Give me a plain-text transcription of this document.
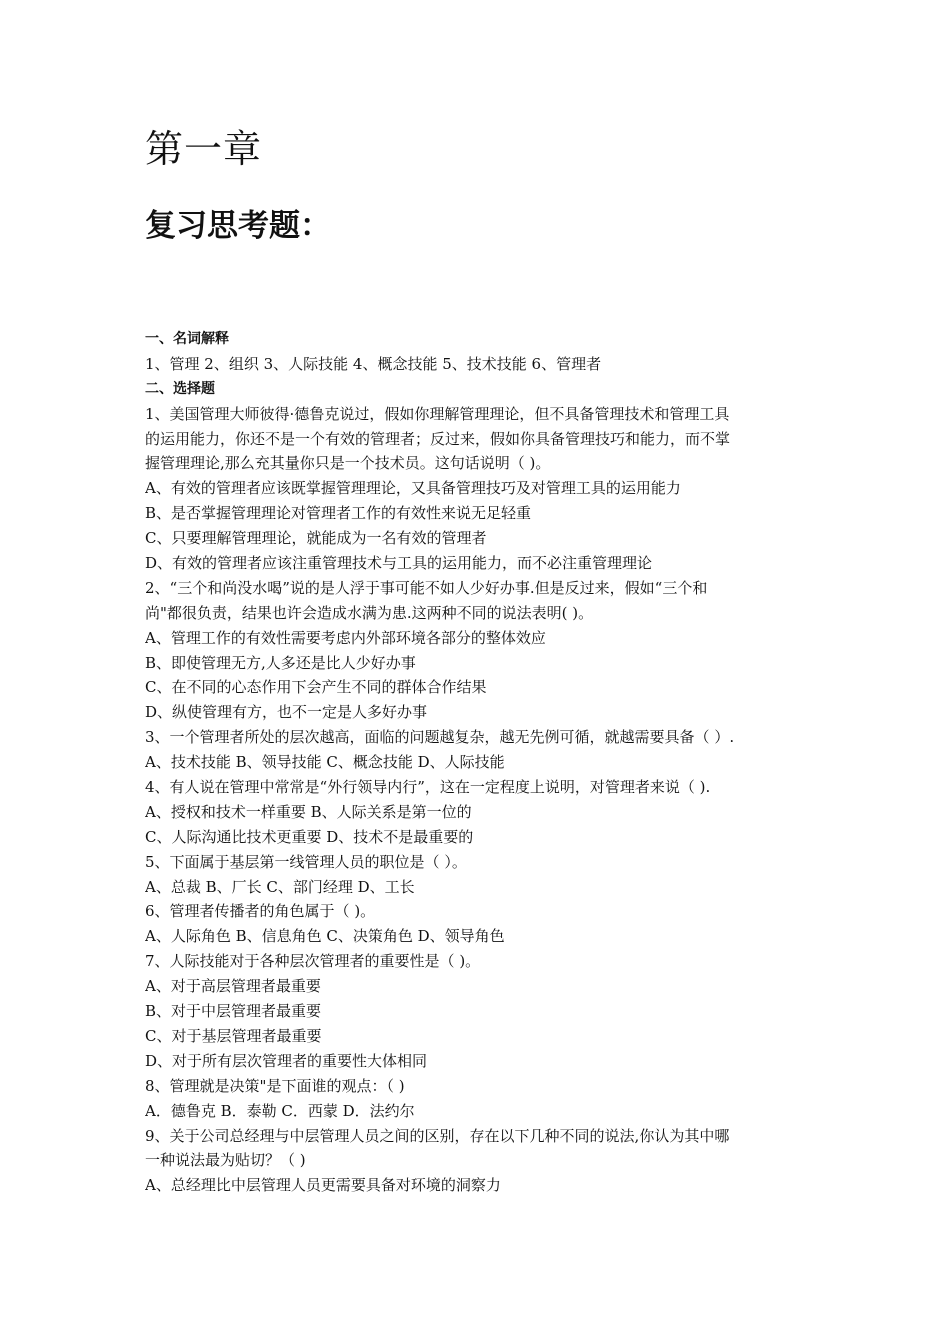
第一章
复习思考题：
一、名词解释
1、管理 2、组织 3、人际技能 4、概念技能 5、技术技能 6、管理者
二、选择题
1、美国管理大师彼得·德鲁克说过，假如你理解管理理论，但不具备管理技术和管理工具
的运用能力，你还不是一个有效的管理者；反过来，假如你具备管理技巧和能力，而不掌
握管理理论,那么充其量你只是一个技术员。这句话说明（ )。
A、有效的管理者应该既掌握管理理论，又具备管理技巧及对管理工具的运用能力
B、是否掌握管理理论对管理者工作的有效性来说无足轻重
C、只要理解管理理论，就能成为一名有效的管理者
D、有效的管理者应该注重管理技术与工具的运用能力，而不必注重管理理论
2、“三个和尚没水喝”说的是人浮于事可能不如人少好办事.但是反过来，假如“三个和
尚"都很负责，结果也许会造成水满为患.这两种不同的说法表明( )。
A、管理工作的有效性需要考虑内外部环境各部分的整体效应
B、即使管理无方,人多还是比人少好办事
C、在不同的心态作用下会产生不同的群体合作结果
D、纵使管理有方，也不一定是人多好办事
3、一个管理者所处的层次越高，面临的问题越复杂，越无先例可循，就越需要具备（ ）.
A、技术技能 B、领导技能 C、概念技能 D、人际技能
4、有人说在管理中常常是“外行领导内行”，这在一定程度上说明，对管理者来说（ ).
A、授权和技术一样重要 B、人际关系是第一位的
C、人际沟通比技术更重要 D、技术不是最重要的
5、下面属于基层第一线管理人员的职位是（ ）。
A、总裁 B、厂长 C、部门经理 D、工长
6、管理者传播者的角色属于（ )。
A、人际角色 B、信息角色 C、决策角色 D、领导角色
7、人际技能对于各种层次管理者的重要性是（ )。
A、对于高层管理者最重要
B、对于中层管理者最重要
C、对于基层管理者最重要
D、对于所有层次管理者的重要性大体相同
8、管理就是决策"是下面谁的观点：（ )
A．德鲁克 B．泰勒 C．西蒙 D．法约尔
9、关于公司总经理与中层管理人员之间的区别，存在以下几种不同的说法,你认为其中哪
一种说法最为贴切？（ )
A、总经理比中层管理人员更需要具备对环境的洞察力
